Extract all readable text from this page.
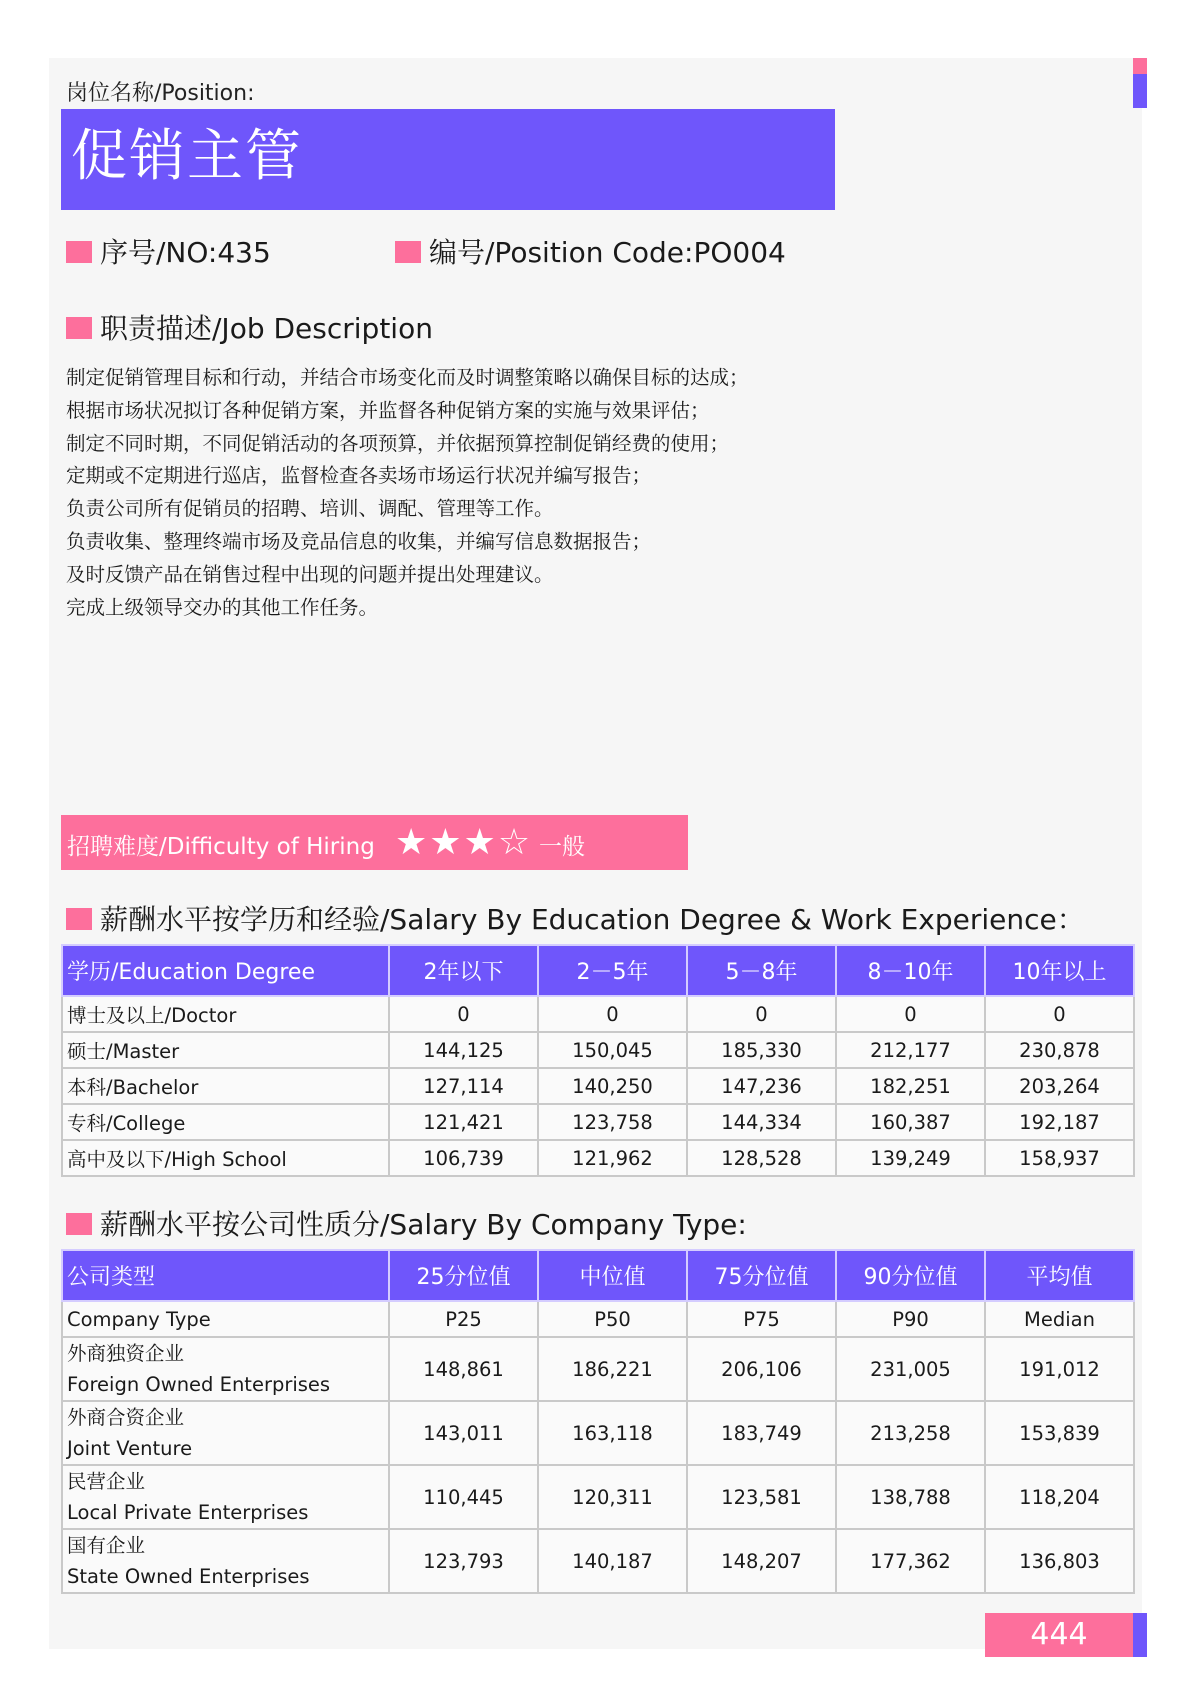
岗位名称/Position:
促销主管
序号/NO:435	编号/Position Code:PO004
职责描述/Job Description
制定促销管理目标和行动，并结合市场变化而及时调整策略以确保目标的达成；
根据市场状况拟订各种促销方案，并监督各种促销方案的实施与效果评估；
制定不同时期，不同促销活动的各项预算，并依据预算控制促销经费的使用；
定期或不定期进行巡店，监督检查各卖场市场运行状况并编写报告；
负责公司所有促销员的招聘、培训、调配、管理等工作。
负责收集、整理终端市场及竞品信息的收集，并编写信息数据报告；
及时反馈产品在销售过程中出现的问题并提出处理建议。
完成上级领导交办的其他工作任务。
招聘难度/Difficulty of Hiring ★★★☆ 一般
薪酬水平按学历和经验/Salary By Education Degree & Work Experience：
学历/Education Degree	2年以下	2－5年	5－8年	8－10年	10年以上
博士及以上/Doctor	0	0	0	0	0
硕士/Master	144,125	150,045	185,330	212,177	230,878
本科/Bachelor	127,114	140,250	147,236	182,251	203,264
专科/College	121,421	123,758	144,334	160,387	192,187
高中及以下/High School	106,739	121,962	128,528	139,249	158,937
薪酬水平按公司性质分/Salary By Company Type:
公司类型	25分位值	中位值	75分位值	90分位值	平均值
Company Type	P25	P50	P75	P90	Median

外商独资企业
Foreign Owned Enterprises	148,861	186,221	206,106	231,005	191,012

外商合资企业
Joint Venture	143,011	163,118	183,749	213,258	153,839

民营企业
Local Private Enterprises	110,445	120,311	123,581	138,788	118,204

国有企业
State Owned Enterprises	123,793	140,187	148,207	177,362	136,803
444
